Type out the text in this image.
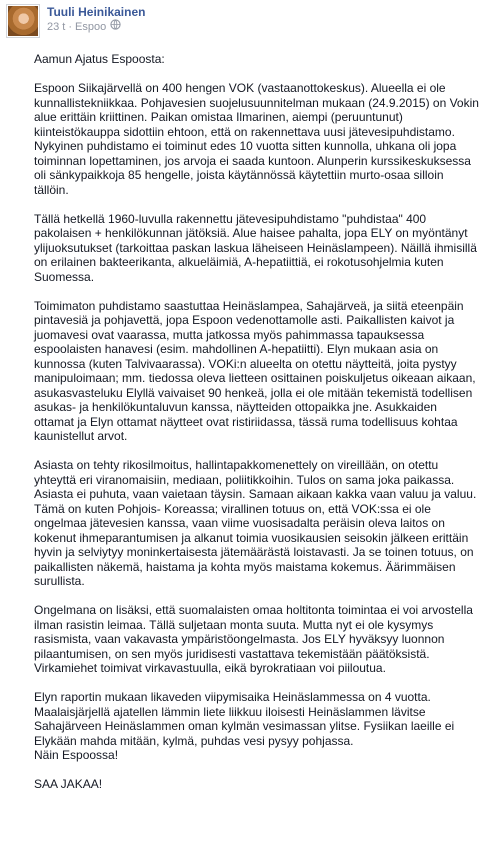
Tuuli Heinikainen
23 t · Espoo

Aamun Ajatus Espoosta:

Espoon Siikajärvellä on 400 hengen VOK (vastaanottokeskus). Alueella ei ole kunnallistekniikkaa. Pohjavesien suojelusuunnitelman mukaan (24.9.2015) on Vokin alue erittäin kriittinen. Paikan omistaa Ilmarinen, aiempi (peruuntunut) kiinteistökauppa sidottiin ehtoon, että on rakennettava uusi jätevesipuhdistamo. Nykyinen puhdistamo ei toiminut edes 10 vuotta sitten kunnolla, uhkana oli jopa toiminnan lopettaminen, jos arvoja ei saada kuntoon. Alunperin kurssikeskuksessa oli sänkypaikkoja 85 hengelle, joista käytännössä käytettiin murto-osaa silloin tällöin.

Tällä hetkellä 1960-luvulla rakennettu jätevesipuhdistamo "puhdistaa" 400 pakolaisen + henkilökunnan jätöksiä. Alue haisee pahalta, jopa ELY on myöntänyt ylijuoksutukset (tarkoittaa paskan laskua läheiseen Heinäslampeen). Näillä ihmisillä on erilainen bakteerikanta, alkueläimiä, A-hepatiittiä, ei rokotusohjelmia kuten Suomessa.

Toimimaton puhdistamo saastuttaa Heinäslampea, Sahajärveä, ja siitä eteenpäin pintavesiä ja pohjavettä, jopa Espoon vedenottamolle asti. Paikallisten kaivot ja juomavesi ovat vaarassa, mutta jatkossa myös pahimmassa tapauksessa espoolaisten hanavesi (esim. mahdollinen A-hepatiitti). Elyn mukaan asia on kunnossa (kuten Talvivaarassa). VOKi:n alueelta on otettu näytteitä, joita pystyy manipuloimaan; mm. tiedossa oleva lietteen osittainen poiskuljetus oikeaan aikaan, asukasvasteluku Elyllä vaivaiset 90 henkeä, jolla ei ole mitään tekemistä todellisen asukas- ja henkilökuntaluvun kanssa, näytteiden ottopaikka jne. Asukkaiden ottamat ja Elyn ottamat näytteet ovat ristiriidassa, tässä ruma todellisuus kohtaa kaunistellut arvot.

Asiasta on tehty rikosilmoitus, hallintapakkomenettely on vireillään, on otettu yhteyttä eri viranomaisiin, mediaan, poliitikkoihin. Tulos on sama joka paikassa. Asiasta ei puhuta, vaan vaietaan täysin. Samaan aikaan kakka vaan valuu ja valuu. Tämä on kuten Pohjois- Koreassa; virallinen totuus on, että VOK:ssa ei ole ongelmaa jätevesien kanssa, vaan viime vuosisadalta peräisin oleva laitos on kokenut ihmeparantumisen ja alkanut toimia vuosikausien seisokin jälkeen erittäin hyvin ja selviytyy moninkertaisesta jätemäärästä loistavasti. Ja se toinen totuus, on paikallisten näkemä, haistama ja kohta myös maistama kokemus. Äärimmäisen surullista.

Ongelmana on lisäksi, että suomalaisten omaa holtitonta toimintaa ei voi arvostella ilman rasistin leimaa. Tällä suljetaan monta suuta. Mutta nyt ei ole kysymys rasismista, vaan vakavasta ympäristöongelmasta. Jos ELY hyväksyy luonnon pilaantumisen, on sen myös juridisesti vastattava tekemistään päätöksistä. Virkamiehet toimivat virkavastuulla, eikä byrokratiaan voi piiloutua.

Elyn raportin mukaan likaveden viipymisaika Heinäslammessa on 4 vuotta. Maalaisjärjellä ajatellen lämmin liete liikkuu iloisesti Heinäslammen lävitse Sahajärveen Heinäslammen oman kylmän vesimassan ylitse. Fysiikan laeille ei Elykään mahda mitään, kylmä, puhdas vesi pysyy pohjassa.
Näin Espoossa!

SAA JAKAA!
